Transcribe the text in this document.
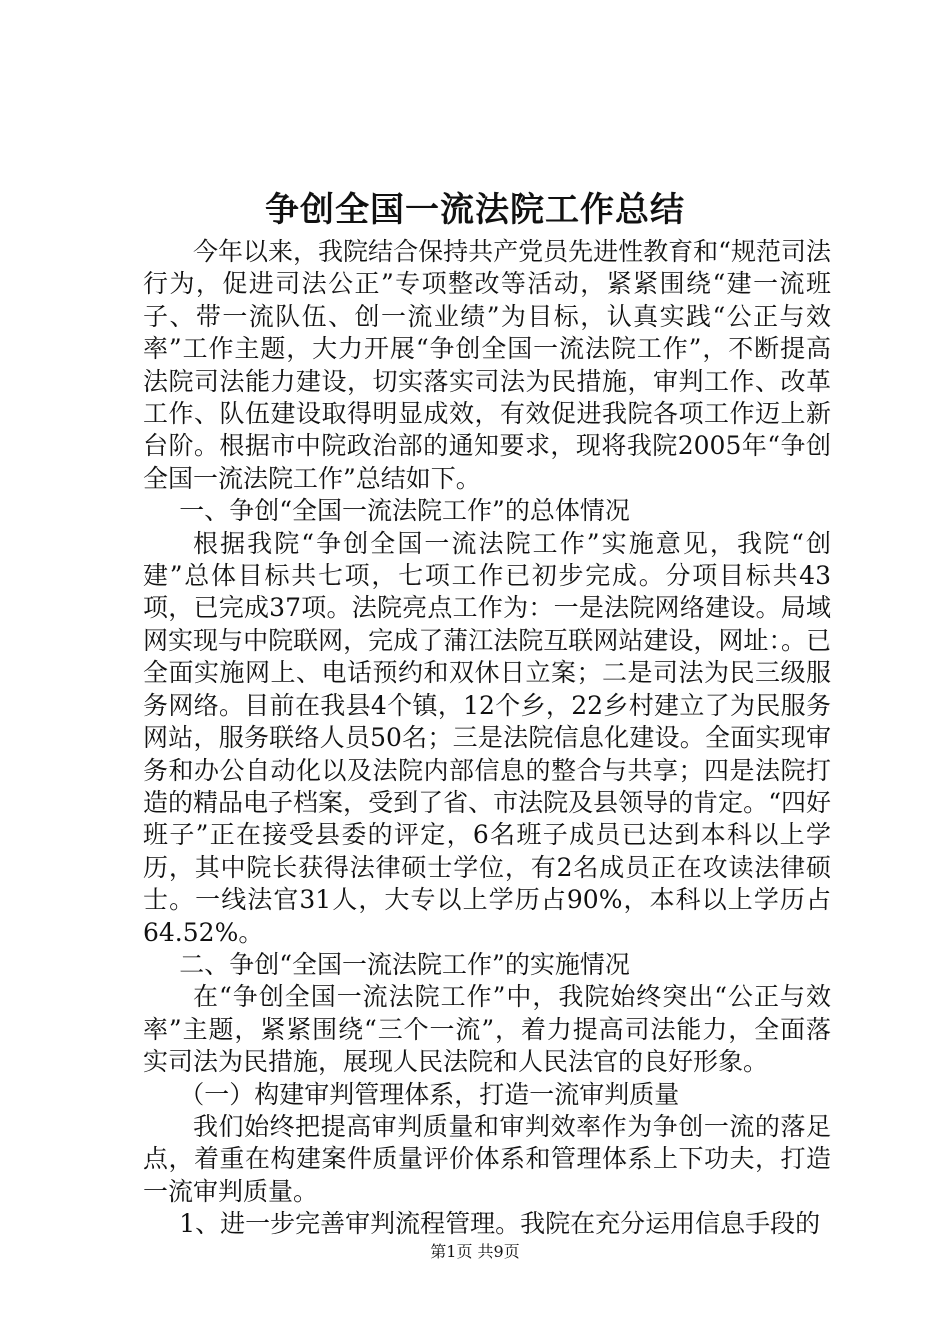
争创全国一流法院工作总结

今年以来，我院结合保持共产党员先进性教育和“规范司法行为，促进司法公正”专项整改等活动，紧紧围绕“建一流班子、带一流队伍、创一流业绩”为目标，认真实践“公正与效率”工作主题，大力开展“争创全国一流法院工作”，不断提高法院司法能力建设，切实落实司法为民措施，审判工作、改革工作、队伍建设取得明显成效，有效促进我院各项工作迈上新台阶。根据市中院政治部的通知要求，现将我院2005年“争创全国一流法院工作”总结如下。

一、争创“全国一流法院工作”的总体情况

根据我院“争创全国一流法院工作”实施意见，我院“创建”总体目标共七项，七项工作已初步完成。分项目标共43项，已完成37项。法院亮点工作为：一是法院网络建设。局域网实现与中院联网，完成了蒲江法院互联网站建设，网址：。已全面实施网上、电话预约和双休日立案；二是司法为民三级服务网络。目前在我县4个镇，12个乡，22乡村建立了为民服务网站，服务联络人员50名；三是法院信息化建设。全面实现审务和办公自动化以及法院内部信息的整合与共享；四是法院打造的精品电子档案，受到了省、市法院及县领导的肯定。“四好班子”正在接受县委的评定，6名班子成员已达到本科以上学历，其中院长获得法律硕士学位，有2名成员正在攻读法律硕士。一线法官31人，大专以上学历占90%，本科以上学历占64.52%。

二、争创“全国一流法院工作”的实施情况

在“争创全国一流法院工作”中，我院始终突出“公正与效率”主题，紧紧围绕“三个一流”，着力提高司法能力，全面落实司法为民措施，展现人民法院和人民法官的良好形象。

（一）构建审判管理体系，打造一流审判质量

我们始终把提高审判质量和审判效率作为争创一流的落足点，着重在构建案件质量评价体系和管理体系上下功夫，打造一流审判质量。

1、进一步完善审判流程管理。我院在充分运用信息手段的

第1页 共9页
